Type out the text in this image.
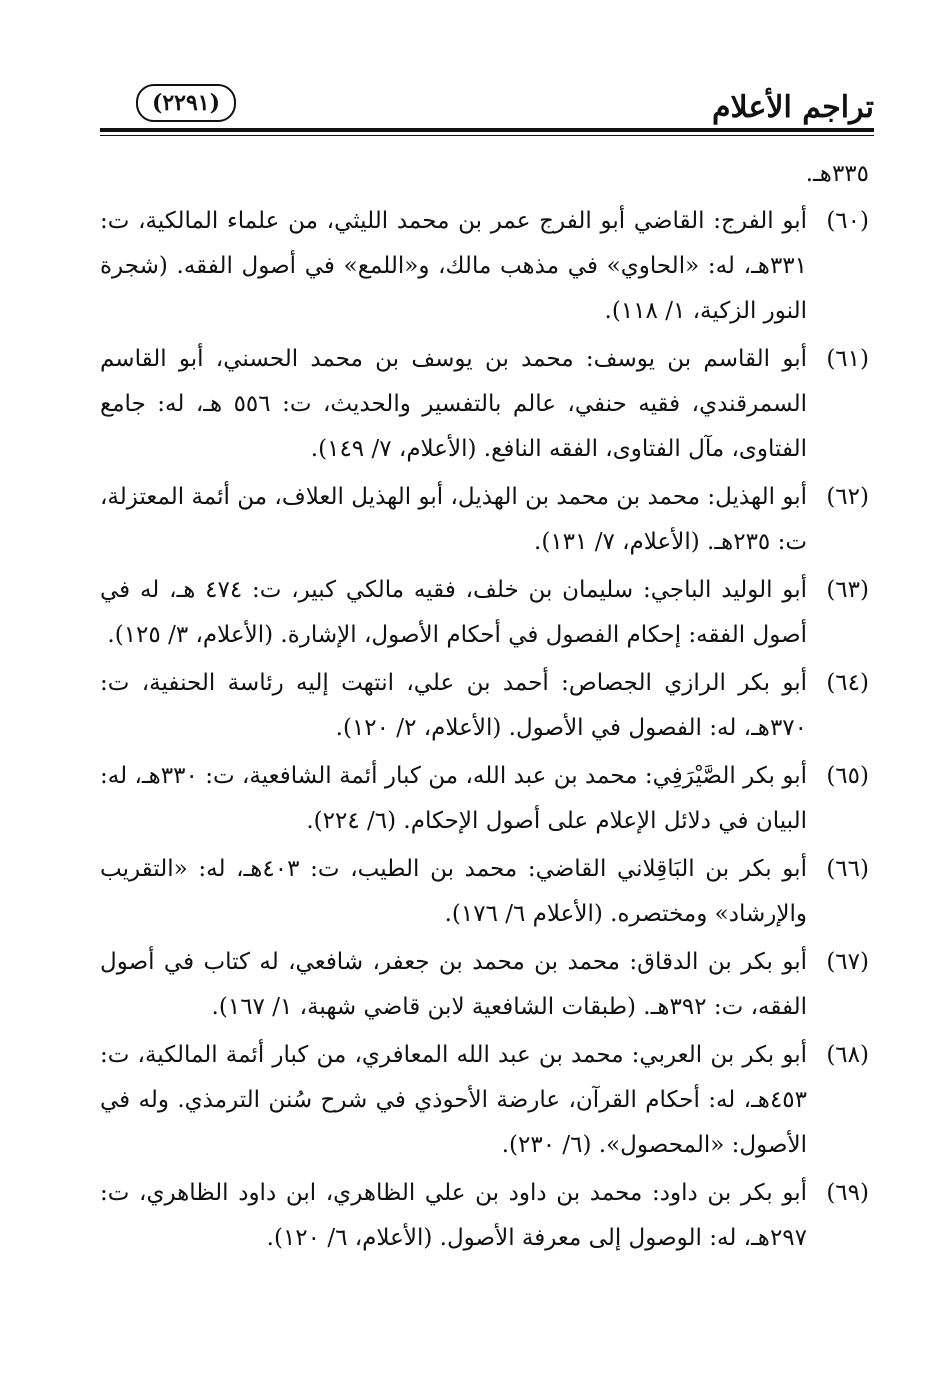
تراجم الأعلام
(٢٢٩١)
٣٣٥هـ.
(٦٠)
أبو الفرج: القاضي أبو الفرج عمر بن محمد الليثي، من علماء المالكية، ت: ٣٣١هـ، له: «الحاوي» في مذهب مالك، و«اللمع» في أصول الفقه. (شجرة النور الزكية، ١/ ١١٨).
(٦١)
أبو القاسم بن يوسف: محمد بن يوسف بن محمد الحسني، أبو القاسم السمرقندي، فقيه حنفي، عالم بالتفسير والحديث، ت: ٥٥٦ هـ، له: جامع الفتاوى، مآل الفتاوى، الفقه النافع. (الأعلام، ٧/ ١٤٩).
(٦٢)
أبو الهذيل: محمد بن محمد بن الهذيل، أبو الهذيل العلاف، من أئمة المعتزلة، ت: ٢٣٥هـ. (الأعلام، ٧/ ١٣١).
(٦٣)
أبو الوليد الباجي: سليمان بن خلف، فقيه مالكي كبير، ت: ٤٧٤ هـ، له في أصول الفقه: إحكام الفصول في أحكام الأصول، الإشارة. (الأعلام، ٣/ ١٢٥).
(٦٤)
أبو بكر الرازي الجصاص: أحمد بن علي، انتهت إليه رئاسة الحنفية، ت: ٣٧٠هـ، له: الفصول في الأصول. (الأعلام، ٢/ ١٢٠).
(٦٥)
أبو بكر الصَّيْرَفِي: محمد بن عبد الله، من كبار أئمة الشافعية، ت: ٣٣٠هـ، له: البيان في دلائل الإعلام على أصول الإحكام. (٦/ ٢٢٤).
(٦٦)
أبو بكر بن البَاقِلاني القاضي: محمد بن الطيب، ت: ٤٠٣هـ، له: «التقريب والإرشاد» ومختصره. (الأعلام ٦/ ١٧٦).
(٦٧)
أبو بكر بن الدقاق: محمد بن محمد بن جعفر، شافعي، له كتاب في أصول الفقه، ت: ٣٩٢هـ. (طبقات الشافعية لابن قاضي شهبة، ١/ ١٦٧).
(٦٨)
أبو بكر بن العربي: محمد بن عبد الله المعافري، من كبار أئمة المالكية، ت: ٤٥٣هـ، له: أحكام القرآن، عارضة الأحوذي في شرح سُنن الترمذي. وله في الأصول: «المحصول». (٦/ ٢٣٠).
(٦٩)
أبو بكر بن داود: محمد بن داود بن علي الظاهري، ابن داود الظاهري، ت: ٢٩٧هـ، له: الوصول إلى معرفة الأصول. (الأعلام، ٦/ ١٢٠).
